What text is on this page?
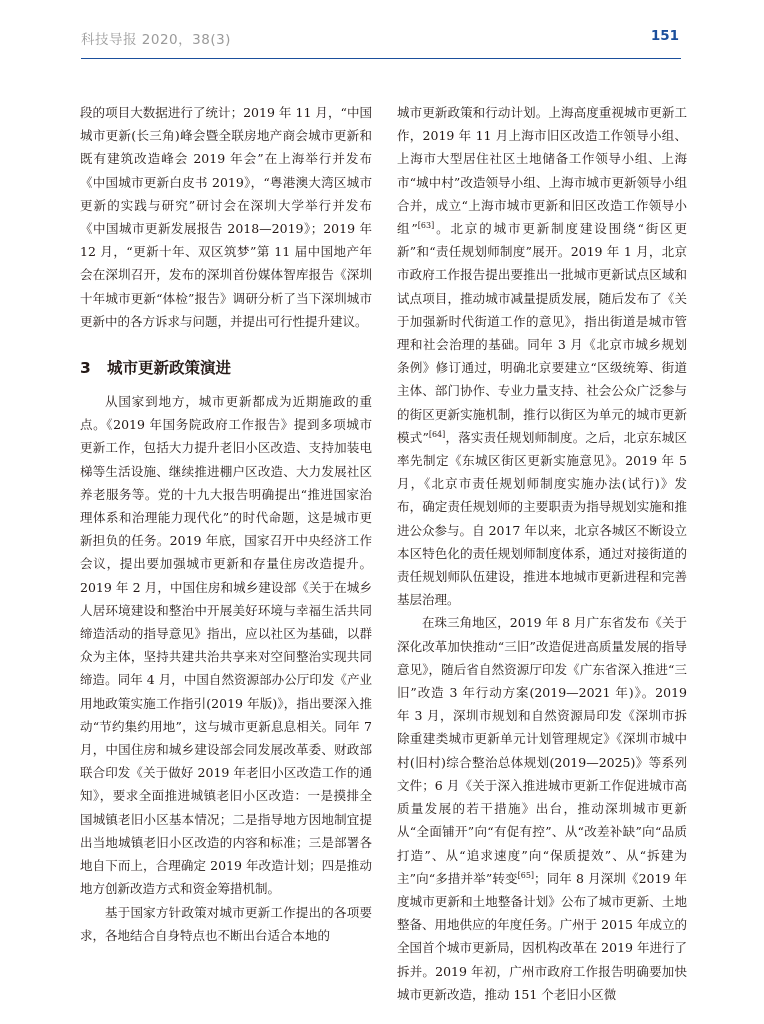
科技导报 2020，38(3)	151

段的项目大数据进行了统计；2019 年 11 月，“中国城市更新(长三角)峰会暨全联房地产商会城市更新和既有建筑改造峰会 2019 年会”在上海举行并发布《中国城市更新白皮书 2019》，“粤港澳大湾区城市更新的实践与研究”研讨会在深圳大学举行并发布《中国城市更新发展报告 2018—2019》；2019 年 12 月，“更新十年、双区筑梦”第 11 届中国地产年会在深圳召开，发布的深圳首份媒体智库报告《深圳十年城市更新“体检”报告》调研分析了当下深圳城市更新中的各方诉求与问题，并提出可行性提升建议。

3 城市更新政策演进

从国家到地方，城市更新都成为近期施政的重点。《2019 年国务院政府工作报告》提到多项城市更新工作，包括大力提升老旧小区改造、支持加装电梯等生活设施、继续推进棚户区改造、大力发展社区养老服务等。党的十九大报告明确提出“推进国家治理体系和治理能力现代化”的时代命题，这是城市更新担负的任务。2019 年底，国家召开中央经济工作会议，提出要加强城市更新和存量住房改造提升。2019 年 2 月，中国住房和城乡建设部《关于在城乡人居环境建设和整治中开展美好环境与幸福生活共同缔造活动的指导意见》指出，应以社区为基础，以群众为主体，坚持共建共治共享来对空间整治实现共同缔造。同年 4 月，中国自然资源部办公厅印发《产业用地政策实施工作指引(2019 年版)》，指出要深入推动“节约集约用地”，这与城市更新息息相关。同年 7 月，中国住房和城乡建设部会同发展改革委、财政部联合印发《关于做好 2019 年老旧小区改造工作的通知》，要求全面推进城镇老旧小区改造：一是摸排全国城镇老旧小区基本情况；二是指导地方因地制宜提出当地城镇老旧小区改造的内容和标准；三是部署各地自下而上，合理确定 2019 年改造计划；四是推动地方创新改造方式和资金筹措机制。

基于国家方针政策对城市更新工作提出的各项要求，各地结合自身特点也不断出台适合本地的

城市更新政策和行动计划。上海高度重视城市更新工作，2019 年 11 月上海市旧区改造工作领导小组、上海市大型居住社区土地储备工作领导小组、上海市“城中村”改造领导小组、上海市城市更新领导小组合并，成立“上海市城市更新和旧区改造工作领导小组”[63]。北京的城市更新制度建设围绕“街区更新”和“责任规划师制度”展开。2019 年 1 月，北京市政府工作报告提出要推出一批城市更新试点区域和试点项目，推动城市减量提质发展，随后发布了《关于加强新时代街道工作的意见》，指出街道是城市管理和社会治理的基础。同年 3 月《北京市城乡规划条例》修订通过，明确北京要建立“区级统筹、街道主体、部门协作、专业力量支持、社会公众广泛参与的街区更新实施机制，推行以街区为单元的城市更新模式”[64]，落实责任规划师制度。之后，北京东城区率先制定《东城区街区更新实施意见》。2019 年 5 月，《北京市责任规划师制度实施办法(试行)》发布，确定责任规划师的主要职责为指导规划实施和推进公众参与。自 2017 年以来，北京各城区不断设立本区特色化的责任规划师制度体系，通过对接街道的责任规划师队伍建设，推进本地城市更新进程和完善基层治理。

在珠三角地区，2019 年 8 月广东省发布《关于深化改革加快推动“三旧”改造促进高质量发展的指导意见》，随后省自然资源厅印发《广东省深入推进“三旧”改造 3 年行动方案(2019—2021 年)》。2019 年 3 月，深圳市规划和自然资源局印发《深圳市拆除重建类城市更新单元计划管理规定》《深圳市城中村(旧村)综合整治总体规划(2019—2025)》等系列文件；6 月《关于深入推进城市更新工作促进城市高质量发展的若干措施》出台，推动深圳城市更新从“全面铺开”向“有促有控”、从“改差补缺”向“品质打造”、从“追求速度”向“保质提效”、从“拆建为主”向“多措并举”转变[65]；同年 8 月深圳《2019 年度城市更新和土地整备计划》公布了城市更新、土地整备、用地供应的年度任务。广州于 2015 年成立的全国首个城市更新局，因机构改革在 2019 年进行了拆并。2019 年初，广州市政府工作报告明确要加快城市更新改造，推动 151 个老旧小区微
